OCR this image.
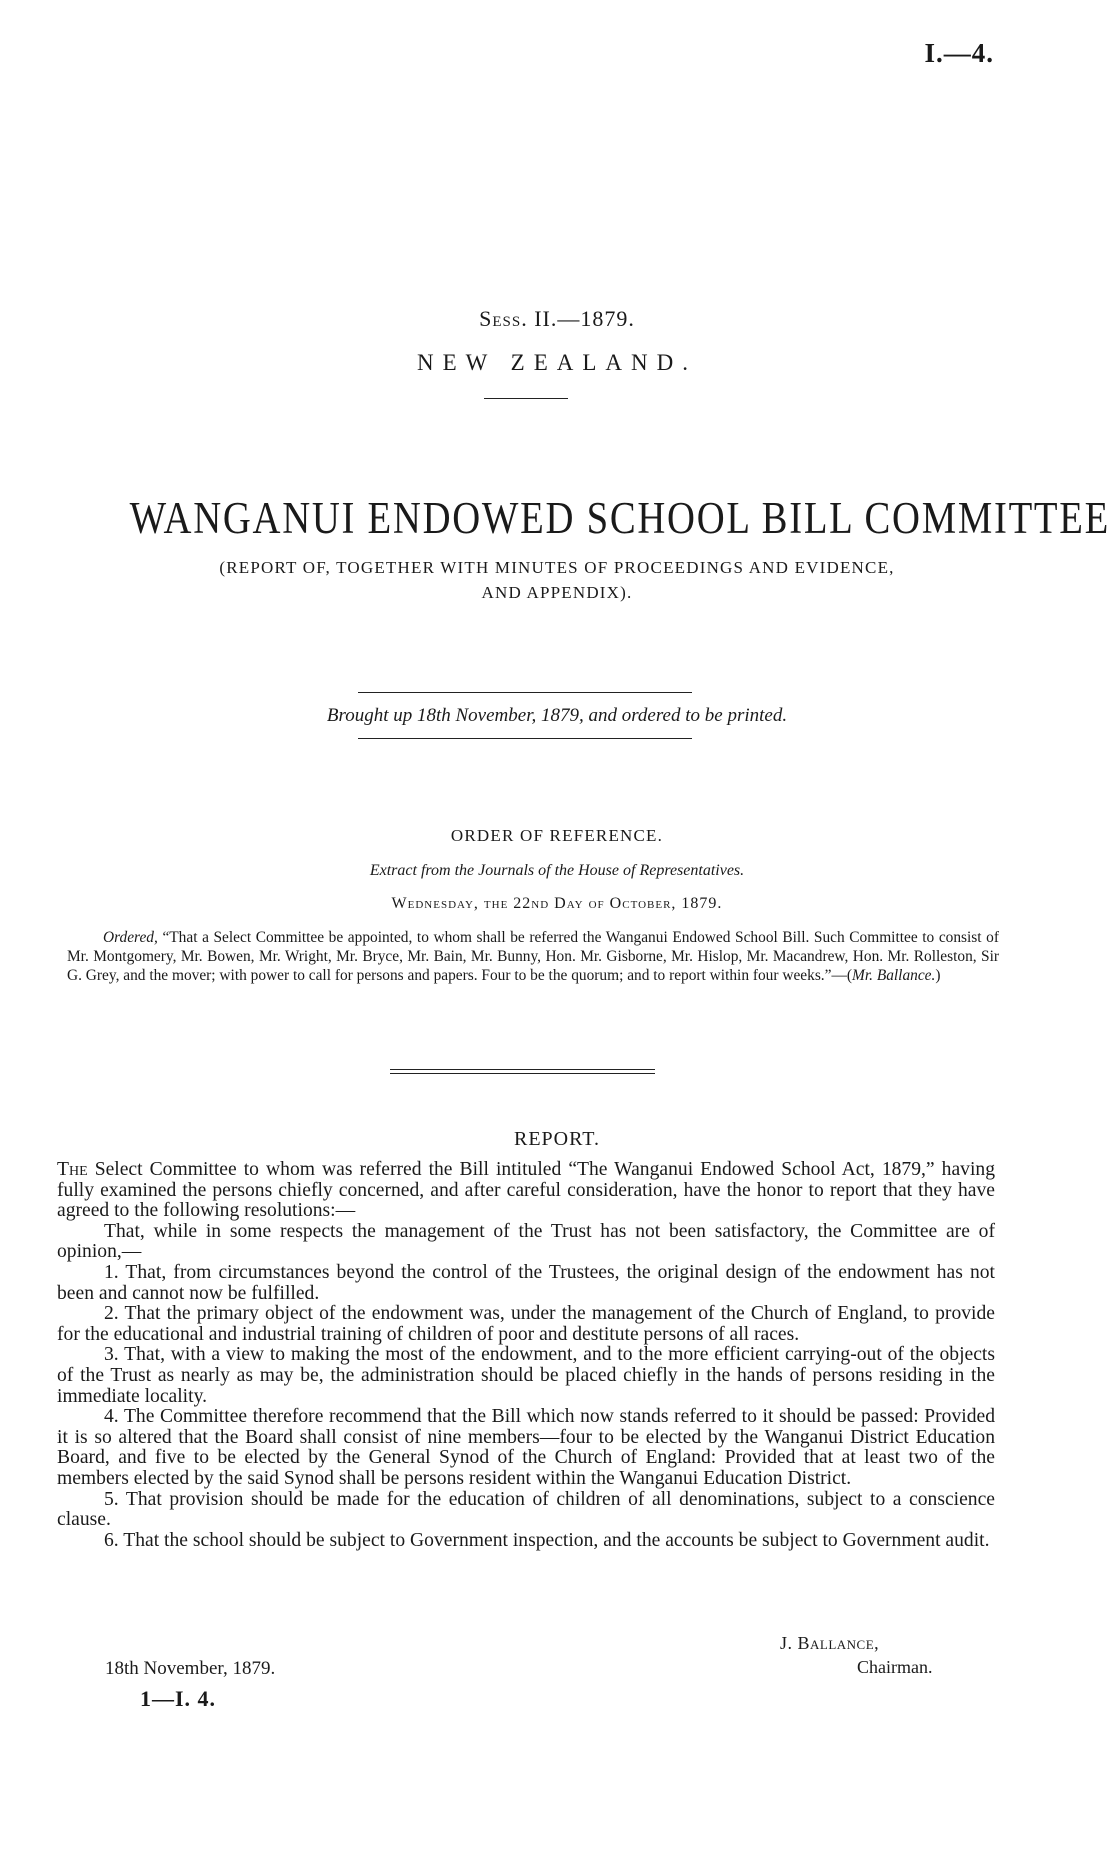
I.—4.
Sess. II.—1879.
NEW ZEALAND.
WANGANUI ENDOWED SCHOOL BILL COMMITTEE
(REPORT OF, TOGETHER WITH MINUTES OF PROCEEDINGS AND EVIDENCE,
AND APPENDIX).
Brought up 18th November, 1879, and ordered to be printed.
ORDER OF REFERENCE.
Extract from the Journals of the House of Representatives.
Wednesday, the 22nd Day of October, 1879.
Ordered, “That a Select Committee be appointed, to whom shall be referred the Wanganui Endowed School Bill. Such Committee to consist of Mr. Montgomery, Mr. Bowen, Mr. Wright, Mr. Bryce, Mr. Bain, Mr. Bunny, Hon. Mr. Gisborne, Mr. Hislop, Mr. Macandrew, Hon. Mr. Rolleston, Sir G. Grey, and the mover; with power to call for persons and papers. Four to be the quorum; and to report within four weeks.”—(Mr. Ballance.)
REPORT.

The Select Committee to whom was referred the Bill intituled “The Wanganui Endowed School Act, 1879,” having fully examined the persons chiefly concerned, and after careful consideration, have the honor to report that they have agreed to the following resolutions:—

That, while in some respects the management of the Trust has not been satisfactory, the Committee are of opinion,—

1. That, from circumstances beyond the control of the Trustees, the original design of the endowment has not been and cannot now be fulfilled.

2. That the primary object of the endowment was, under the management of the Church of England, to provide for the educational and industrial training of children of poor and destitute persons of all races.

3. That, with a view to making the most of the endowment, and to the more efficient carrying-out of the objects of the Trust as nearly as may be, the administration should be placed chiefly in the hands of persons residing in the immediate locality.

4. The Committee therefore recommend that the Bill which now stands referred to it should be passed: Provided it is so altered that the Board shall consist of nine members—four to be elected by the Wanganui District Education Board, and five to be elected by the General Synod of the Church of England: Provided that at least two of the members elected by the said Synod shall be persons resident within the Wanganui Education District.

5. That provision should be made for the education of children of all denominations, subject to a conscience clause.

6. That the school should be subject to Government inspection, and the accounts be subject to Government audit.

J. Ballance,
Chairman.
18th November, 1879.
1—I. 4.
